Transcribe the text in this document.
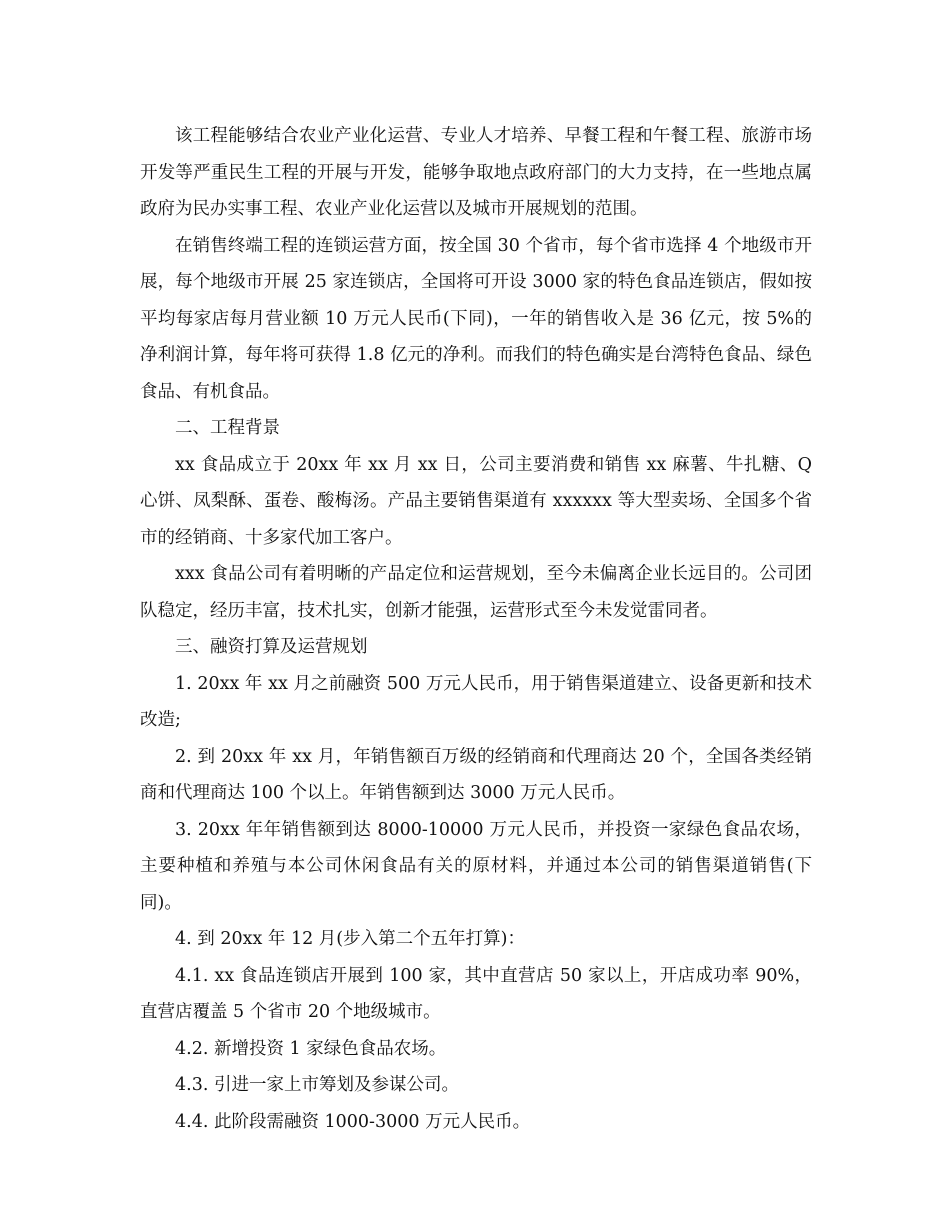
该工程能够结合农业产业化运营、专业人才培养、早餐工程和午餐工程、旅游市场开发等严重民生工程的开展与开发，能够争取地点政府部门的大力支持，在一些地点属政府为民办实事工程、农业产业化运营以及城市开展规划的范围。

在销售终端工程的连锁运营方面，按全国 30 个省市，每个省市选择 4 个地级市开展，每个地级市开展 25 家连锁店，全国将可开设 3000 家的特色食品连锁店，假如按平均每家店每月营业额 10 万元人民币(下同)，一年的销售收入是 36 亿元，按 5%的净利润计算，每年将可获得 1.8 亿元的净利。而我们的特色确实是台湾特色食品、绿色食品、有机食品。

二、工程背景

xx 食品成立于 20xx 年 xx 月 xx 日，公司主要消费和销售 xx 麻薯、牛扎糖、Q心饼、凤梨酥、蛋卷、酸梅汤。产品主要销售渠道有 xxxxxx 等大型卖场、全国多个省市的经销商、十多家代加工客户。

xxx 食品公司有着明晰的产品定位和运营规划，至今未偏离企业长远目的。公司团队稳定，经历丰富，技术扎实，创新才能强，运营形式至今未发觉雷同者。

三、融资打算及运营规划

1. 20xx 年 xx 月之前融资 500 万元人民币，用于销售渠道建立、设备更新和技术改造;

2. 到 20xx 年 xx 月，年销售额百万级的经销商和代理商达 20 个，全国各类经销商和代理商达 100 个以上。年销售额到达 3000 万元人民币。

3. 20xx 年年销售额到达 8000-10000 万元人民币，并投资一家绿色食品农场，主要种植和养殖与本公司休闲食品有关的原材料，并通过本公司的销售渠道销售(下同)。

4. 到 20xx 年 12 月(步入第二个五年打算)：

4.1. xx 食品连锁店开展到 100 家，其中直营店 50 家以上，开店成功率 90%，直营店覆盖 5 个省市 20 个地级城市。

4.2. 新增投资 1 家绿色食品农场。

4.3. 引进一家上市筹划及参谋公司。

4.4. 此阶段需融资 1000-3000 万元人民币。
